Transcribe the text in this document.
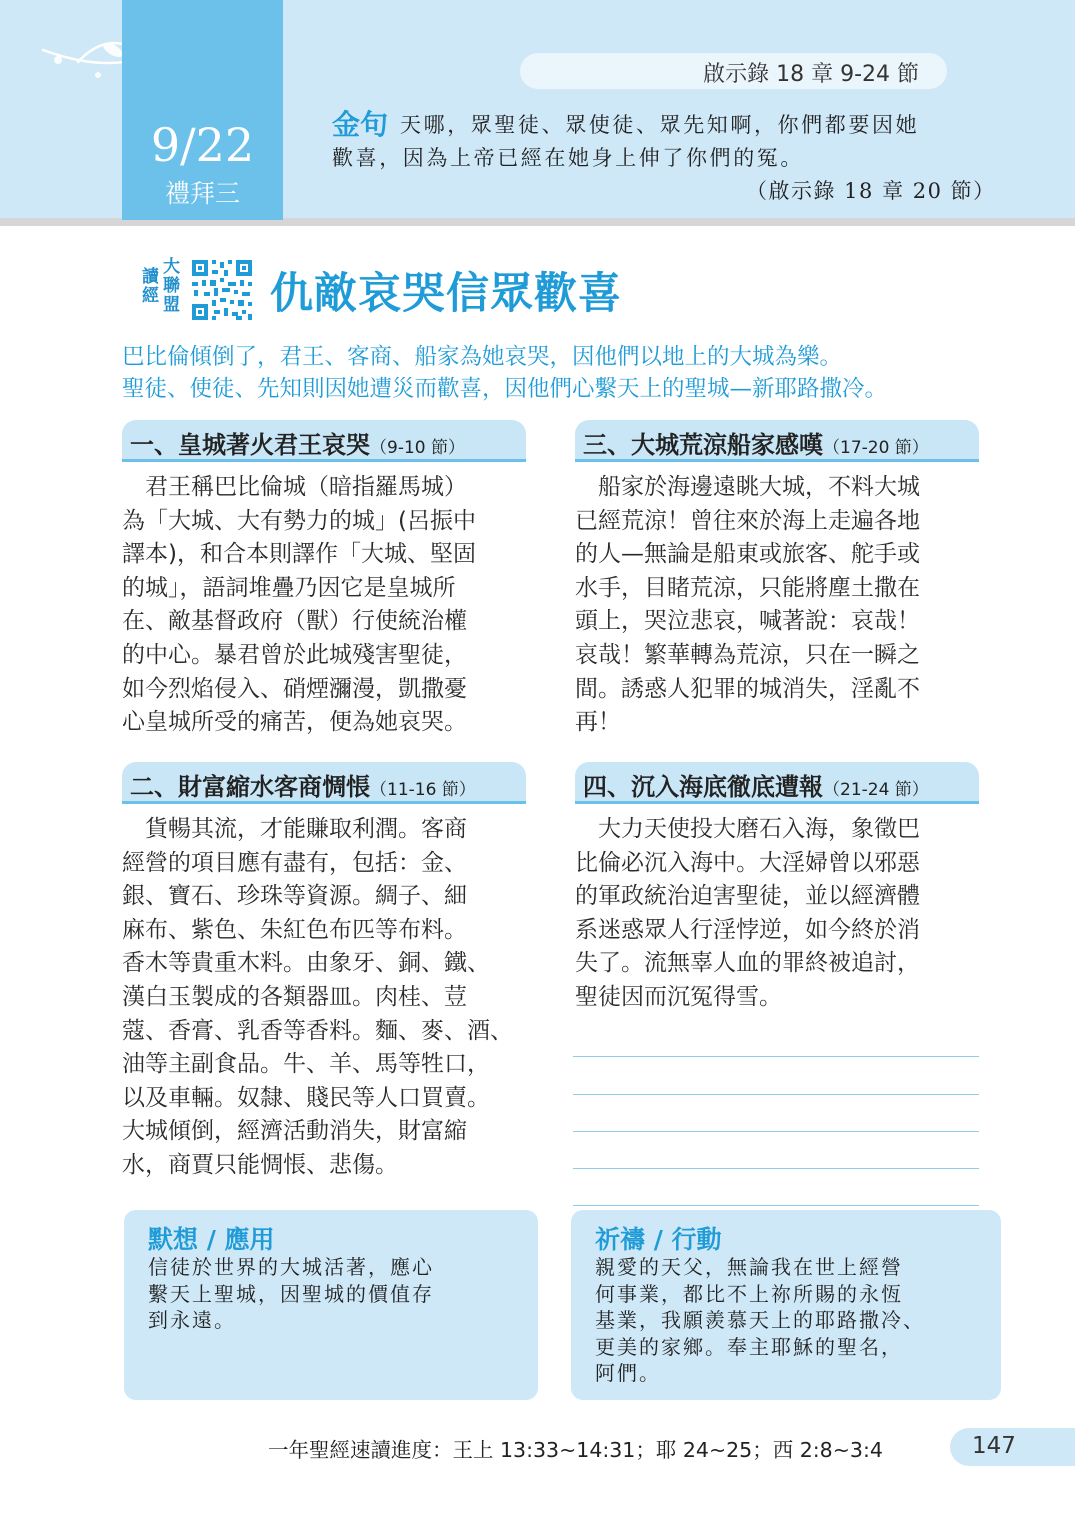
9/22
禮拜三
啟示錄 18 章 9-24 節
金句 天哪，眾聖徒、眾使徒、眾先知啊，你們都要因她
歡喜，因為上帝已經在她身上伸了你們的冤。
（啟示錄 18 章 20 節）
大聯盟
讀經	仇敵哀哭信眾歡喜
巴比倫傾倒了，君王、客商、船家為她哀哭，因他們以地上的大城為樂。
聖徒、使徒、先知則因她遭災而歡喜，因他們心繫天上的聖城—新耶路撒冷。
一、皇城著火君王哀哭（9-10 節）
　君王稱巴比倫城（暗指羅馬城）
為「大城、大有勢力的城」(呂振中
譯本)，和合本則譯作「大城、堅固
的城」，語詞堆疊乃因它是皇城所
在、敵基督政府（獸）行使統治權
的中心。暴君曾於此城殘害聖徒，
如今烈焰侵入、硝煙瀰漫，凱撒憂
心皇城所受的痛苦，便為她哀哭。
二、財富縮水客商惆悵（11-16 節）
　貨暢其流，才能賺取利潤。客商
經營的項目應有盡有，包括：金、
銀、寶石、珍珠等資源。綢子、細
麻布、紫色、朱紅色布匹等布料。
香木等貴重木料。由象牙、銅、鐵、
漢白玉製成的各類器皿。肉桂、荳
蔻、香膏、乳香等香料。麵、麥、酒、
油等主副食品。牛、羊、馬等牲口，
以及車輛。奴隸、賤民等人口買賣。
大城傾倒，經濟活動消失，財富縮
水，商賈只能惆悵、悲傷。
三、大城荒涼船家感嘆（17-20 節）
　船家於海邊遠眺大城，不料大城
已經荒涼！曾往來於海上走遍各地
的人—無論是船東或旅客、舵手或
水手，目睹荒涼，只能將塵土撒在
頭上，哭泣悲哀，喊著說：哀哉！
哀哉！繁華轉為荒涼，只在一瞬之
間。誘惑人犯罪的城消失，淫亂不
再！
四、沉入海底徹底遭報（21-24 節）
　大力天使投大磨石入海，象徵巴
比倫必沉入海中。大淫婦曾以邪惡
的軍政統治迫害聖徒，並以經濟體
系迷惑眾人行淫悖逆，如今終於消
失了。流無辜人血的罪終被追討，
聖徒因而沉冤得雪。
默想 / 應用
信徒於世界的大城活著，應心
繫天上聖城，因聖城的價值存
到永遠。
祈禱 / 行動
親愛的天父，無論我在世上經營
何事業，都比不上祢所賜的永恆
基業，我願羨慕天上的耶路撒冷、
更美的家鄉。奉主耶穌的聖名，
阿們。
一年聖經速讀進度：王上 13:33~14:31；耶 24~25；西 2:8~3:4	147
